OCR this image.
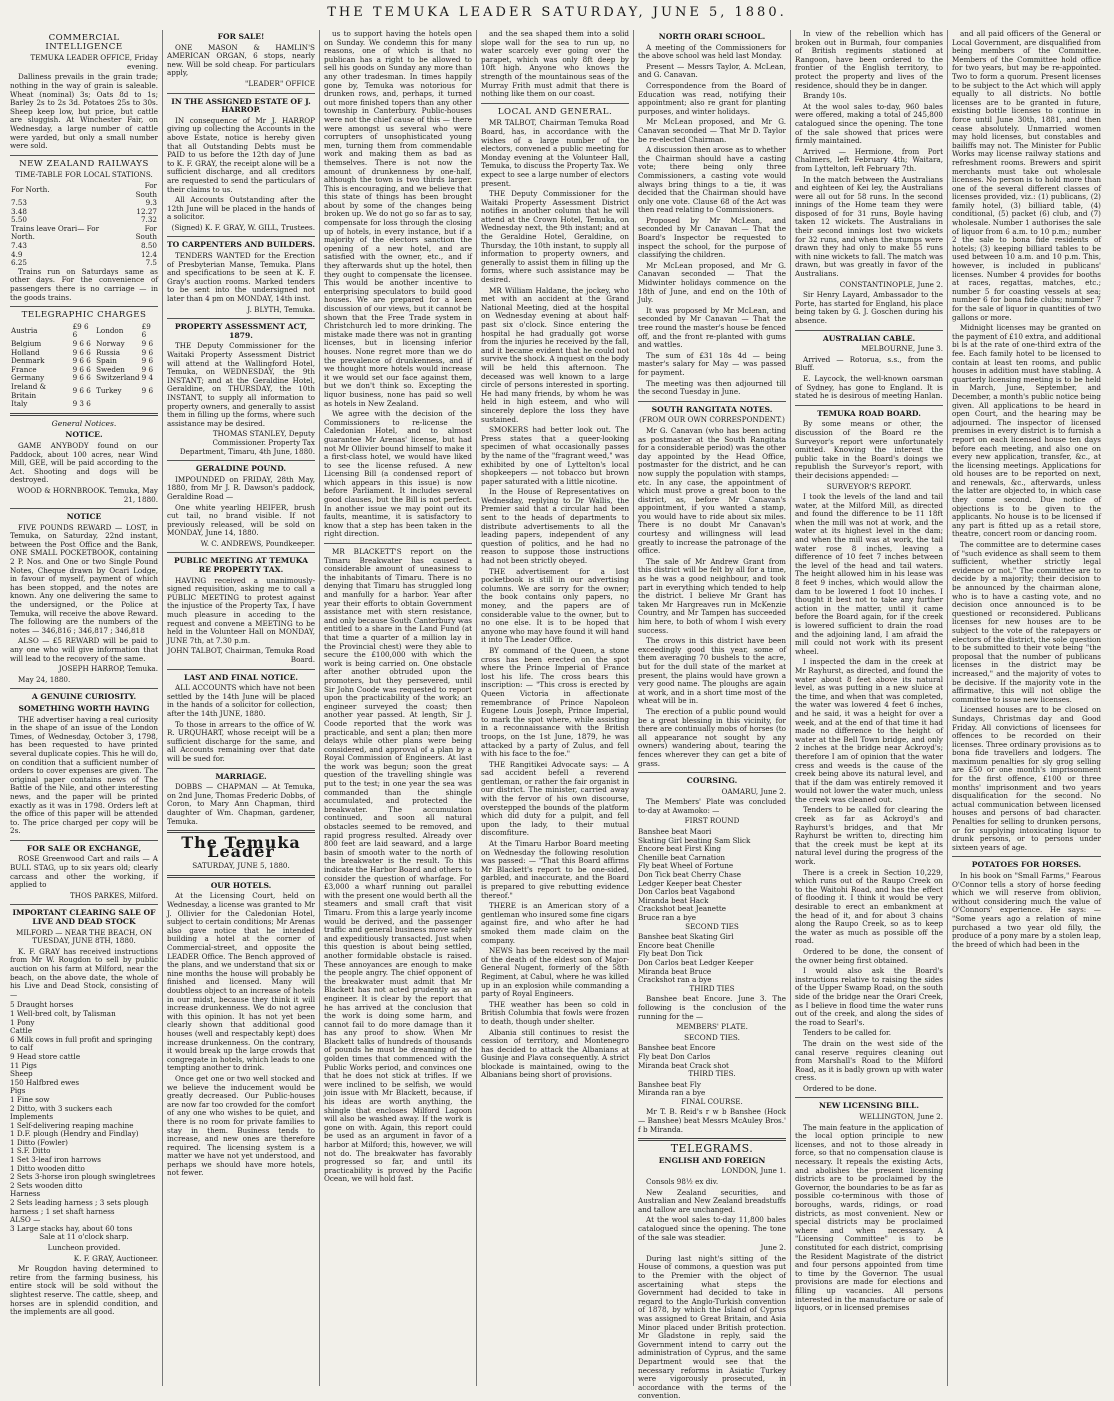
THE TEMUKA LEADER SATURDAY, JUNE 5, 1880.
COMMERCIAL INTELLIGENCE

TEMUKA LEADER OFFICE, Friday evening.

Dalliness prevails in the grain trade; nothing in the way of grain is saleable. Wheat (nominal) 3s; Oats 8d to 1s; Barley 2s to 2s 3d. Potatoes 25s to 30s. Sheep keep low, but price, but cattle are sluggish. At Winchester Fair, on Wednesday, a large number of cattle were yarded, but only a small number were sold.

NEW ZEALAND RAILWAYS

TIME-TABLE FOR LOCAL STATIONS.

For North.	For South
7.53	9.3
3.48	12.27
5.50	7.32
Trains leave Orari— For North.	For South
7.43	8.50
4.9	12.4
6.25	7.5

Trains run on Saturdays same as other days. For the convenience of passengers there is no carriage — in the goods trains.

TELEGRAPHIC CHARGES
Austria	£9 6 6	London	£9 6
Belgium	9 6 6	Norway	9 6
Holland	9 6 6	Russia	9 6
Denmark	9 6 6	Spain	9 6
France	9 6 6	Sweden	9 6
Germany	9 6 6	Switzerland	9 4
Ireland & Britain	9 6 6	Turkey	9 6
Italy	9 3 6		
General Notices.
NOTICE.

GAME ANYBODY found on our Paddock, about 100 acres, near Wind Mill, GEE, will be paid according to the Act. Shooting and dogs will be destroyed.

WOOD & HORNBROOK. Temuka, May 21, 1880.

NOTICE

FIVE POUNDS REWARD — LOST, in Temuka, on Saturday, 22nd instant, between the Post Office and the Bank, ONE SMALL POCKETBOOK, containing 2 P. Nos. and One or two Single Pound Notes, Cheque drawn by Ocari Lodge, in favour of myself, payment of which has been stopped, and the notes are known. Any one delivering the same to the undersigned, or the Police at Temuka, will receive the above Reward. The following are the numbers of the notes — 346,816 ; 346,817 ; 346,818

ALSO — £5 REWARD will be paid to any one who will give information that will lead to the recovery of the same.

JOSEPH HARROP, Temuka.

May 24, 1880.

A GENUINE CURIOSITY.
SOMETHING WORTH HAVING

THE advertiser having a real curiosity in the shape of an issue of the London Times, of Wednesday, October 3, 1798, has been requested to have printed several duplicate copies. This he will do, on condition that a sufficient number of orders to cover expenses are given. The original paper contains news of The Battle of the Nile, and other interesting news, and the paper will be printed exactly as it was in 1798. Orders left at the office of this paper will be attended to. The price charged per copy will be 2s.

FOR SALE OR EXCHANGE,

ROSE Greenwood Cart and rails — A BULL STAG, up to six years old; clearly carcass and other the working, if applied to

THOS PARKES, Milford.

IMPORTANT CLEARING SALE OF LIVE AND DEAD STOCK

MILFORD — NEAR THE BEACH, ON TUESDAY, JUNE 8TH, 1880.

K. F. GRAY has received instructions from Mr W. Rougdon to sell by public auction on his farm at Milford, near the beach, on the above date, the whole of his Live and Dead Stock, consisting of —

5 Draught horses
1 Well-bred colt, by Talisman
1 Pony
Cattle
6 Milk cows in full profit and springing to calf
9 Head store cattle
11 Pigs
Sheep
150 Halfbred ewes
Pigs
1 Fine sow
2 Ditto, with 3 suckers each
Implements
1 Self-delivering reaping machine
1 D.F. plough (Hendry and Findlay)
1 Ditto (Fowler)
1 S.F. Ditto
1 Set 3-leaf iron harrows
1 Ditto wooden ditto
2 Sets 3-horse iron plough swingletrees
2 Sets wooden ditto
Harness
2 Sets leading harness ; 3 sets plough harness ; 1 set shaft harness
ALSO —
3 Large stacks hay, about 60 tons

Sale at 11 o'clock sharp.

Luncheon provided.

K. F. GRAY, Auctioneer.

Mr Rougdon having determined to retire from the farming business, his entire stock will be sold without the slightest reserve. The cattle, sheep, and horses are in splendid condition, and the implements are all good.

FOR SALE!

ONE MASON & HAMLIN'S AMERICAN ORGAN, 6 stops, nearly new. Will be sold cheap. For particulars apply,

"LEADER" OFFICE

IN THE ASSIGNED ESTATE OF J. HARROP.

IN consequence of Mr J. HARROP giving up collecting the Accounts in the above Estate, notice is hereby given that all Outstanding Debts must be PAID to us before the 12th day of June to K. F. GRAY, the receipt alone will be a sufficient discharge, and all creditors are requested to send the particulars of their claims to us.

All Accounts Outstanding after the 12th June will be placed in the hands of a solicitor.

(Signed) K. F. GRAY, W. GILL, Trustees.

TO CARPENTERS AND BUILDERS.

TENDERS WANTED for the Erection of Presbyterian Manse, Temuka. Plans and specifications to be seen at K. F. Gray's auction rooms. Marked tenders to be sent into the undersigned not later than 4 pm on MONDAY, 14th inst.

J. BLYTH, Temuka.

PROPERTY ASSESSMENT ACT, 1879.

THE Deputy Commissioner for the Waitaki Property Assessment District will attend at the Wallingford Hotel, Temuka, on WEDNESDAY, the 9th INSTANT; and at the Geraldine Hotel, Geraldine, on THURSDAY, the 10th INSTANT, to supply all information to property owners, and generally to assist them in filling up the forms, where such assistance may be desired.

THOMAS STANLEY, Deputy Commissioner. Property Tax Department, Timaru, 4th June, 1880.

GERALDINE POUND.

IMPOUNDED on FRIDAY, 28th May, 1880, from Mr J. R. Dawson's paddock, Geraldine Road —

One white yearling HEIFER, brush cut tail, no brand visible. If not previously released, will be sold on MONDAY, June 14, 1880.

W. C. ANDREWS, Poundkeeper.

PUBLIC MEETING AT TEMUKA RE PROPERTY TAX.

HAVING received a unanimously-signed requisition, asking me to call a PUBLIC MEETING to protest against the injustice of the Property Tax, I have much pleasure in acceding to the request and convene a MEETING to be held in the Volunteer Hall on MONDAY, JUNE 7th, at 7.30 p.m.

JOHN TALBOT, Chairman, Temuka Road Board.

LAST AND FINAL NOTICE.

ALL ACCOUNTS which have not been settled by the 14th June will be placed in the hands of a solicitor for collection, after the 14th JUNE, 1880.

To those in arrears to the office of W. R. URQUHART, whose receipt will be a sufficient discharge for the same, and all Accounts remaining over that date will be sued for.

MARRIAGE.

DOBBS — CHAPMAN — At Temuka, on 2nd June, Thomas Frederic Dobbs, of Coron, to Mary Ann Chapman, third daughter of Wm. Chapman, gardener, Temuka.

The Temuka Leader

SATURDAY, JUNE 5, 1880.

OUR HOTELS.

At the Licensing Court, held on Wednesday, a license was granted to Mr J. Ollivier for the Caledonian Hotel, subject to certain conditions; Mr Arenas also gave notice that he intended building a hotel at the corner of Commercial-street, and opposite the LEADER Office. The Bench approved of the plans, and we understand that six or nine months the house will probably be finished and licensed. Many will doubtless object to an increase of hotels in our midst, because they think it will increase drunkenness. We do not agree with this opinion. It has not yet been clearly shown that additional good houses (well and respectably kept) does increase drunkenness. On the contrary, it would break up the large crowds that congregate in hotels, which leads to one tempting another to drink.

Once get one or two well stocked and we believe the inducement would be greatly decreased. Our Public-houses are now far too crowded for the comfort of any one who wishes to be quiet, and there is no room for private families to stay in them. Business tends to increase, and new ones are therefore required. The licensing system is a matter we have not yet understood, and perhaps we should have more hotels, not fewer.

us to support having the hotels open on Sunday. We condemn this for many reasons, one of which is that no publican has a right to be allowed to sell his goods on Sunday any more than any other tradesman. In times happily gone by, Temuka was notorious for drunken rows, and, perhaps, it turned out more finished topers than any other township in Canterbury. Public-houses were not the chief cause of this — there were amongst us several who were corrupters of unsophisticated young men, turning them from commendable work and making them as bad as themselves. There is not now the amount of drunkenness by one-half, although the town is two thirds larger. This is encouraging, and we believe that this state of things has been brought about by some of the changes being broken up. We do not go so far as to say, compensate for loss through the closing up of hotels, in every instance, but if a majority of the electors sanction the opening of a new hotel, and are satisfied with the owner, etc., and if they afterwards shut up the hotel, then they ought to compensate the licensee. This would be another incentive to enterprising speculators to build good houses. We are prepared for a keen discussion of our views, but it cannot be shown that the Free Trade system in Christchurch led to more drinking. The mistake made there was not in granting licenses, but in licensing inferior houses. None regret more than we do the prevalence of drunkenness, and if we thought more hotels would increase it we would set our face against them, but we don't think so. Excepting the liquor business, none has paid so well as hotels in New Zealand.

We agree with the decision of the Commissioners to re-license the Caledonian Hotel, and to almost guarantee Mr Arenas' license, but had not Mr Ollivier bound himself to make it a first-class hotel, we would have liked to see the license refused. A new Licensing Bill (a condensed report of which appears in this issue) is now before Parliament. It includes several good clauses, but the Bill is not perfect. In another issue we may point out its faults, meantime, it is satisfactory to know that a step has been taken in the right direction.

MR BLACKETT'S report on the Timaru Breakwater has caused a considerable amount of uneasiness to the inhabitants of Timaru. There is no denying that Timaru has struggled long and manfully for a harbor. Year after year their efforts to obtain Government assistance met with stern resistance, and only because South Canterbury was entitled to a share in the Land Fund (at that time a quarter of a million lay in the Provincial chest) were they able to secure the £100,000 with which the work is being carried on. One obstacle after another obtruded upon the promoters, but they persevered, until Sir John Coode was requested to report upon the practicability of the work; an engineer surveyed the coast; then another year passed. At length, Sir J. Coode reported that the work was practicable, and sent a plan; then more delays while other plans were being considered, and approval of a plan by a Royal Commission of Engineers. At last the work was begun; soon the great question of the travelling shingle was put to the test; in one year the sea was commanded than the shingle accumulated, and protected the breakwater. The accumulation continued, and soon all natural obstacles seemed to be removed, and rapid progress resulted. Already over 800 feet are laid seaward, and a large basin of smooth water to the north of the breakwater is the result. To this indicate the Harbor Board and others to consider the question of wharfage. For £3,000 a wharf running out parallel with the present one would berth all the steamers and small craft that visit Timaru. From this a large yearly income would be derived, and the passenger traffic and general business move safely and expeditiously transacted. Just when this question is about being settled, another formidable obstacle is raised. These annoyances are enough to make the people angry. The chief opponent of the breakwater must admit that Mr Blackett has not acted prudently as an engineer. It is clear by the report that he has arrived at the conclusion that the work is doing some harm, and cannot fail to do more damage than it has any proof to show. When Mr Blackett talks of hundreds of thousands of pounds he must be dreaming of the golden times that commenced with the Public Works period, and convinces one that he does not stick at trifles. If we were inclined to be selfish, we would join issue with Mr Blackett, because, if his ideas are worth anything, the shingle that encloses Milford Lagoon will also be washed away. If the work is gone on with. Again, this report could be used as an argument in favor of a harbor at Milford; this, however, we will not do. The breakwater has favorably progressed so far, and until its practicability is proved by the Pacific Ocean, we will hold fast.

and the sea shaped them into a solid slope wall for the sea to run up, no water scarcely ever going over the parapet, which was only 8ft deep by 10ft high. Anyone who knows the strength of the mountainous seas of the Murray Frith must admit that there is nothing like them on our coast.

LOCAL AND GENERAL.

MR TALBOT, Chairman Temuka Road Board, has, in accordance with the wishes of a large number of the electors, convened a public meeting for Monday evening at the Volunteer Hall, Temuka, to discuss the Property Tax. We expect to see a large number of electors present.

THE Deputy Commissioner for the Waitaki Property Assessment District notifies in another column that he will attend at the Crown Hotel, Temuka, on Wednesday next, the 9th instant; and at the Geraldine Hotel, Geraldine, on Thursday, the 10th instant, to supply all information to property owners, and generally to assist them in filling up the forms, where such assistance may be desired.

MR William Haldane, the jockey, who met with an accident at the Grand National Meeting, died at the hospital on Wednesday evening at about half-past six o'clock. Since entering the hospital he had gradually got worse from the injuries he received by the fall, and it became evident that he could not survive the shock. A inquest on the body will be held this afternoon. The deceased was well known to a large circle of persons interested in sporting. He had many friends, by whom he was held in high esteem, and who will sincerely deplore the loss they have sustained.

SMOKERS had better look out. The Press states that a queer-looking specimen of what occasionally passes by the name of the "fragrant weed," was exhibited by one of Lyttelton's local shopkeepers — not tobacco but brown paper saturated with a little nicotine.

In the House of Representatives on Wednesday, replying to Dr Wallis, the Premier said that a circular had been sent to the heads of departments to distribute advertisements to all the leading papers, independent of any question of politics, and he had no reason to suppose those instructions had not been strictly obeyed.

THE advertisement for a lost pocketbook is still in our advertising columns. We are sorry for the owner; the book contains only papers, no money, and the papers are of considerable value to the owner, but to no one else. It is to be hoped that anyone who may have found it will hand it into The Leader Office.

BY command of the Queen, a stone cross has been erected on the spot where the Prince Imperial of France lost his life. The cross bears this inscription: — "This cross is erected by Queen Victoria in affectionate remembrance of Prince Napoleon Eugene Louis Joseph, Prince Imperial, to mark the spot where, while assisting in a reconnaissance with the British troops, on the 1st June, 1879, he was attacked by a party of Zulus, and fell with his face to the foe."

THE Rangitikei Advocate says: — A sad accident befell a reverend gentleman, or rather the fair organist in our district. The minister, carried away with the fervor of his own discourse, overstepped the bounds of the platform which did duty for a pulpit, and fell upon the lady, to their mutual discomfiture.

At the Timaru Harbor Board meeting on Wednesday the following resolution was passed: — "That this Board affirms Mr Blackett's report to be one-sided, garbled, and inaccurate, and the Board is prepared to give rebutting evidence thereof."

THERE is an American story of a gentleman who insured some fine cigars against fire, and who after he had smoked them made claim on the company.

NEWS has been received by the mail of the death of the eldest son of Major-General Nugent, formerly of the 58th Regiment, at Cabul, where he was killed up in an explosion while commanding a party of Royal Engineers.

THE weather has been so cold in British Columbia that fowls were frozen to death, though under shelter.

Albania still continues to resist the cession of territory, and Montenegro has decided to attack the Albanians at Gusinje and Plava consequently. A strict blockade is maintained, owing to the Albanians being short of provisions.

NORTH ORARI SCHOOL.

A meeting of the Commissioners for the above school was held last Monday.

Present — Messrs Taylor, A. McLean, and G. Canavan.

Correspondence from the Board of Education was read, notifying their appointment; also re grant for planting purposes, and winter holidays.

Mr McLean proposed, and Mr G. Canavan seconded — That Mr D. Taylor be re-elected Chairman.

A discussion then arose as to whether the Chairman should have a casting vote; there being only three Commissioners, a casting vote would always bring things to a tie, it was decided that the Chairman should have only one vote. Clause 68 of the Act was then read relating to Commissioners.

Proposed by Mr McLean, and seconded by Mr Canavan — That the Board's Inspector be requested to inspect the school, for the purpose of classifying the children.

Mr McLean proposed, and Mr G. Canavan seconded — That the Midwinter holidays commence on the 18th of June, and end on the 10th of July.

It was proposed by Mr McLean, and seconded by Mr Canavan — That the tree round the master's house be fenced off, and the front re-planted with gums and wattles.

The sum of £31 18s 4d — being master's salary for May — was passed for payment.

The meeting was then adjourned till the second Tuesday in June.

SOUTH RANGITATA NOTES.

(FROM OUR OWN CORRESPONDENT.)

Mr G. Canavan (who has been acting as postmaster at the South Rangitata for a considerable period) was the other day appointed by the Head Office, postmaster for the district, and he can now supply the population with stamps, etc. In any case, the appointment of which must prove a great boon to the district, as, before Mr Canavan's appointment, if you wanted a stamp, you would have to ride about six miles. There is no doubt Mr Canavan's courtesy and willingness will lead greatly to increase the patronage of the office.

The sale of Mr Andrew Grant from this district will be felt by all for a time, as he was a good neighbour, and took part in everything which tended to help the district. I believe Mr Grant has taken Mr Hargreaves run in McKenzie Country, and Mr Tampen has succeeded him here, to both of whom I wish every success.

The crows in this district have been exceedingly good this year, some of them averaging 70 bushels to the acre, but for the dull state of the market at present, the plains would have grown a very good name. The ploughs are again at work, and in a short time most of the wheat will be in.

The erection of a public pound would be a great blessing in this vicinity, for there are continually mobs of horses (to all appearance not sought by any owners) wandering about, tearing the fences wherever they can get a bite of grass.

COURSING.

OAMARU, June 2.

The Members' Plate was concluded to-day at Awamoko: —

FIRST ROUND

Banshee beat Maori
Skating Girl beating Sam Slick
Encore beat First King
Chenille beat Carnation
Fly beat Wheel of Fortune
Don Tick beat Cherry Chase
Ledger Keeper beat Chester
Don Carlos beat Vagabond
Miranda beat Hack
Crackshot beat Jeanette
Bruce ran a bye

SECOND TIES

Banshee beat Skating Girl
Encore beat Chenille
Fly beat Don Tick
Don Carlos beat Ledger Keeper
Miranda beat Bruce
Crackshot ran a bye

THIRD TIES

Banshee beat Encore. June 3. The following is the conclusion of the running for the —

MEMBERS' PLATE.

SECOND TIES.

Banshee beat Encore
Fly beat Don Carlos
Miranda beat Crack shot

THIRD TIES.

Banshee beat Fly
Miranda ran a bye

FINAL COURSE.

Mr T. B. Reid's r w b Banshee (Hock — Banshee) beat Messrs McAuley Bros.' f b Miranda.

TELEGRAMS.
ENGLISH AND FOREIGN

LONDON, June 1.

Consols 98½ ex div.

New Zealand securities, and Australian and New Zealand breadstuffs and tallow are unchanged.

At the wool sales to-day 11,800 bales catalogued since the opening. The tone of the sale was steadier.

June 2.

During last night's sitting of the House of commons, a question was put to the Premier with the object of ascertaining what steps the Government had decided to take in regard to the Anglo-Turkish convention of 1878, by which the Island of Cyprus was assigned to Great Britain, and Asia Minor placed under British protection. Mr Gladstone in reply, said the Government intend to carry out the administration of Cyprus, and the same Department would see that the necessary reforms in Asiatic Turkey were vigorously prosecuted, in accordance with the terms of the convention.

In view of the rebellion which has broken out in Burmah, four companies of British regiments stationed at Rangoon, have been ordered to the frontier of the English territory, to protect the property and lives of the residence, should they be in danger.

Brandy 10s.

At the wool sales to-day, 960 bales were offered, making a total of 245,800 catalogued since the opening. The tone of the sale showed that prices were firmly maintained.

Arrived — Hermione, from Port Chalmers, left February 4th; Waitara, from Lyttelton, left February 7th.

In the match between the Australians and eighteen of Kei ley, the Australians were all out for 58 runs. In the second innings of the Home team they were disposed of for 31 runs, Boyle having taken 12 wickets. The Australians in their second innings lost two wickets for 32 runs, and when the stumps were drawn they had only to make 55 runs with nine wickets to fall. The match was drawn, but was greatly in favor of the Australians.

CONSTANTINOPLE, June 2.

Sir Henry Layard, Ambassador to the Porte, has started for England, his place being taken by G. J. Goschen during his absence.

AUSTRALIAN CABLE.

MELBOURNE, June 3.

Arrived — Rotorua, s.s., from the Bluff.

E. Laycock, the well-known oarsman of Sydney, has gone to England. It is stated he is desirous of meeting Hanlan.

TEMUKA ROAD BOARD.

By some means or other, the discussion of the Board re the Surveyor's report were unfortunately omitted. Knowing the interest the public take in the Board's doings we republish the Surveyor's report, with their decisions appended: —

SURVEYOR'S REPORT.

I took the levels of the land and tail water, at the Milford Mill, as directed and found the difference to be 11 18ft when the mill was not at work, and the water at its highest level in the dam; and when the mill was at work, the tail water rose 8 inches, leaving a difference of 10 feet 7 inches between the level of the head and tail waters. The height allowed him in his lease was 8 feet 9 inches, which would allow the dam to be lowered 1 foot 10 inches. I thought it best not to take any further action in the matter, until it came before the Board again, for if the creek is lowered sufficient to drain the road and the adjoining land, I am afraid the mill could not work with its present wheel.

I inspected the dam in the creek at Mr Rayhurst, as directed, and found the water about 8 feet above its natural level, as was putting in a new sluice at the time, and when that was completed, the water was lowered 4 feet 6 inches, and he said, it was a height for over a week, and at the end of that time it had made no difference to the height of water at the Bell Town bridge, and only 2 inches at the bridge near Ackroyd's; therefore I am of opinion that the water cress and weeds is the cause of the creek being above its natural level, and that if the dam was entirely removed it would not lower the water much, unless the creek was cleaned out.

Tenders to be called for clearing the creek as far as Ackroyd's and Rayhurst's bridges, and that Mr Rayhurst be written to, directing him that the creek must be kept at its natural level during the progress of the work.

There is a creek in Section 10,229, which runs out of the Raupo Creek on to the Waitohi Road, and has the effect of flooding it. I think it would be very desirable to erect an embankment at the head of it, and for about 3 chains along the Raupo Creek, so as to keep the water as much as possible off the road.

Ordered to be done, the consent of the owner being first obtained.

I would also ask the Board's instructions relative to raising the sides of the Upper Swamp Road, on the south side of the bridge near the Orari Creek, as I believe in flood time the water runs out of the creek, and along the sides of the road to Searl's.

Tenders to be called for.

The drain on the west side of the canal reserve requires cleaning out from Marshall's Road to the Milford Road, as it is badly grown up with water cress.

Ordered to be done.

NEW LICENSING BILL.

WELLINGTON, June 2.

The main feature in the application of the local option principle to new licenses, and not to those already in force, so that no compensation clause is necessary. It repeals the existing Acts, and abolishes the present licensing districts are to be proclaimed by the Governor, the boundaries to be as far as possible co-terminous with those of boroughs, wards, ridings, or road districts, as most convenient. New or special districts may be proclaimed where and when necessary. A "Licensing Committee" is to be constituted for each district, comprising the Resident Magistrate of the district and four persons appointed from time to time by the Governor. The usual provisions are made for elections and filling up vacancies. All persons interested in the manufacture or sale of liquors, or in licensed premises

and all paid officers of the General or Local Government, are disqualified from being members of the Committee. Members of the Committee hold office for two years, but may be re-appointed. Two to form a quorum. Present licenses to be subject to the Act which will apply equally to all districts. No bottle licenses are to be granted in future, existing bottle licenses to continue in force until June 30th, 1881, and then cease absolutely. Unmarried women may hold licenses, but constables and bailiffs may not. The Minister for Public Works may license railway stations and refreshment rooms. Brewers and spirit merchants must take out wholesale licenses. No person is to hold more than one of the several different classes of licenses provided, viz.: (1) publicans, (2) family hotel, (3) billiard table, (4) conditional, (5) packet (6) club, and (7) wholesale. Number 1 authorises the sale of liquor from 6 a.m. to 10 p.m.; number 2 the sale to bona fide residents of hotels; (3) keeping billiard tables to be used between 10 a.m. and 10 p.m. This, however, is included in publicans' licenses. Number 4 provides for booths at races, regattas, matches, etc.; number 5 for coasting vessels at sea; number 6 for bona fide clubs; number 7 for the sale of liquor in quantities of two gallons or more.

Midnight licenses may be granted on the payment of £10 extra, and additional bi ls at the rate of one-third extra of the fee. Each family hotel to be licensed to contain at least ten rooms, and public houses in addition must have stabling. A quarterly licensing meeting is to be held in March, June, September, and December, a month's public notice being given. All applications to be heard in open Court, and the hearing may be adjourned. The inspector of licensed premises in every district is to furnish a report on each licensed house ten days before each meeting, and also one on every new application, transfer, &c., at the licensing meetings. Applications for old houses are to be reported on next, and renewals, &c., afterwards, unless the latter are objected to, in which case they come second. Due notice of objections is to be given to the applicants. No house is to be licensed if any part is fitted up as a retail store, theatre, concert room or dancing room.

The committee are to determine cases of "such evidence as shall seem to them sufficient, whether strictly legal evidence or not." The committee are to decide by a majority; their decision to be announced by the chairman alone, who is to have a casting vote, and no decision once announced is to be questioned or reconsidered. Publicans licenses for new houses are to be subject to the vote of the ratepayers or electors of the district, the sole question to be submitted to their vote being "the proposal that the number of publicans licenses in the district may be increased," and the majority of votes to be decisive. If the majority vote in the affirmative, this will not oblige the committee to issue new licenses.

Licensed houses are to be closed on Sundays, Christmas day and Good Friday. All convictions of licensees for offences to be recorded on their licenses. Three ordinary provisions as to bona fide travellers and lodgers. The maximum penalties for sly grog selling are £50 or one month's imprisonment for the first offence, £100 or three months' imprisonment and two years disqualification for the second. No actual communication between licensed houses and persons of bad character. Penalties for selling to drunken persons, or for supplying intoxicating liquor to drunk persons, or to persons under sixteen years of age.

POTATOES FOR HORSES.

In his book on "Small Farms," Fearous O'Connor tells a story of horse feeding which we will reserve from oblivion, without considering much the value of O'Connors' experience. He says: — "Some years ago a relation of mine purchased a two year old filly, the produce of a pony mare by a stolen leap, the breed of which had been in the
